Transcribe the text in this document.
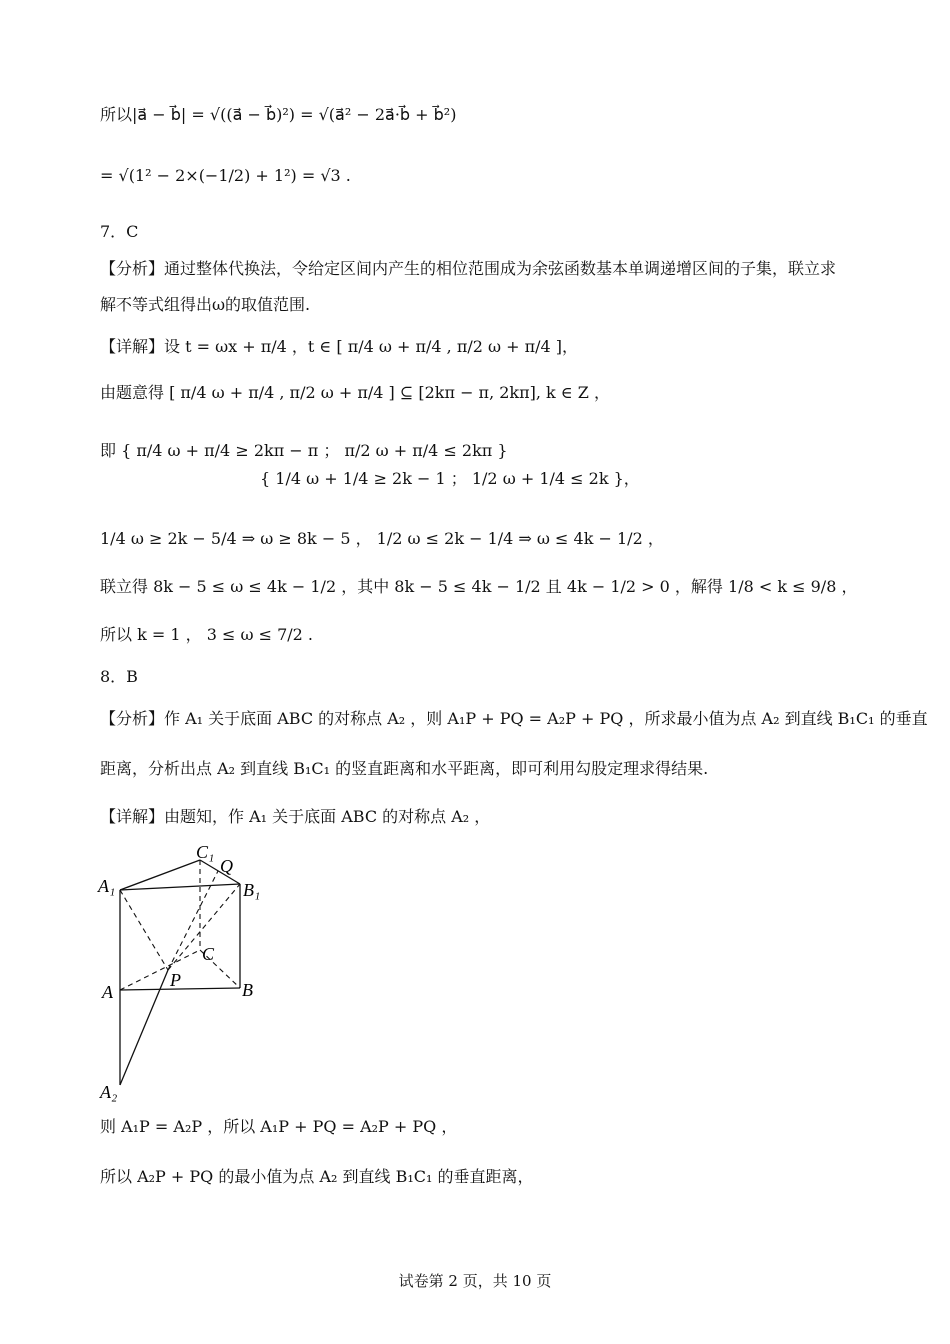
所以|a⃗ − b⃗| = √((a⃗ − b⃗)²) = √(a⃗² − 2a⃗·b⃗ + b⃗²)
= √(1² − 2×(−1/2) + 1²) = √3 .
7．C
【分析】通过整体代换法，令给定区间内产生的相位范围成为余弦函数基本单调递增区间的子集，联立求
解不等式组得出ω的取值范围.
【详解】设 t = ωx + π/4 ，t ∈ [ π/4 ω + π/4 , π/2 ω + π/4 ]，
由题意得 [ π/4 ω + π/4 , π/2 ω + π/4 ] ⊆ [2kπ − π, 2kπ], k ∈ Z ，
即 { π/4 ω + π/4 ≥ 2kπ − π ； π/2 ω + π/4 ≤ 2kπ }
{ 1/4 ω + 1/4 ≥ 2k − 1 ； 1/2 ω + 1/4 ≤ 2k }，
1/4 ω ≥ 2k − 5/4 ⇒ ω ≥ 8k − 5 ， 1/2 ω ≤ 2k − 1/4 ⇒ ω ≤ 4k − 1/2 ，
联立得 8k − 5 ≤ ω ≤ 4k − 1/2 ，其中 8k − 5 ≤ 4k − 1/2 且 4k − 1/2 > 0 ，解得 1/8 < k ≤ 9/8 ，
所以 k = 1 ， 3 ≤ ω ≤ 7/2 .
8．B
【分析】作 A₁ 关于底面 ABC 的对称点 A₂ ，则 A₁P + PQ = A₂P + PQ ，所求最小值为点 A₂ 到直线 B₁C₁ 的垂直
距离，分析出点 A₂ 到直线 B₁C₁ 的竖直距离和水平距离，即可利用勾股定理求得结果.
【详解】由题知，作 A₁ 关于底面 ABC 的对称点 A₂ ，
C₁
Q
A₁	B₁
C
A
P	B
A₂
则 A₁P = A₂P ，所以 A₁P + PQ = A₂P + PQ ，
所以 A₂P + PQ 的最小值为点 A₂ 到直线 B₁C₁ 的垂直距离，
试卷第 2 页，共 10 页
